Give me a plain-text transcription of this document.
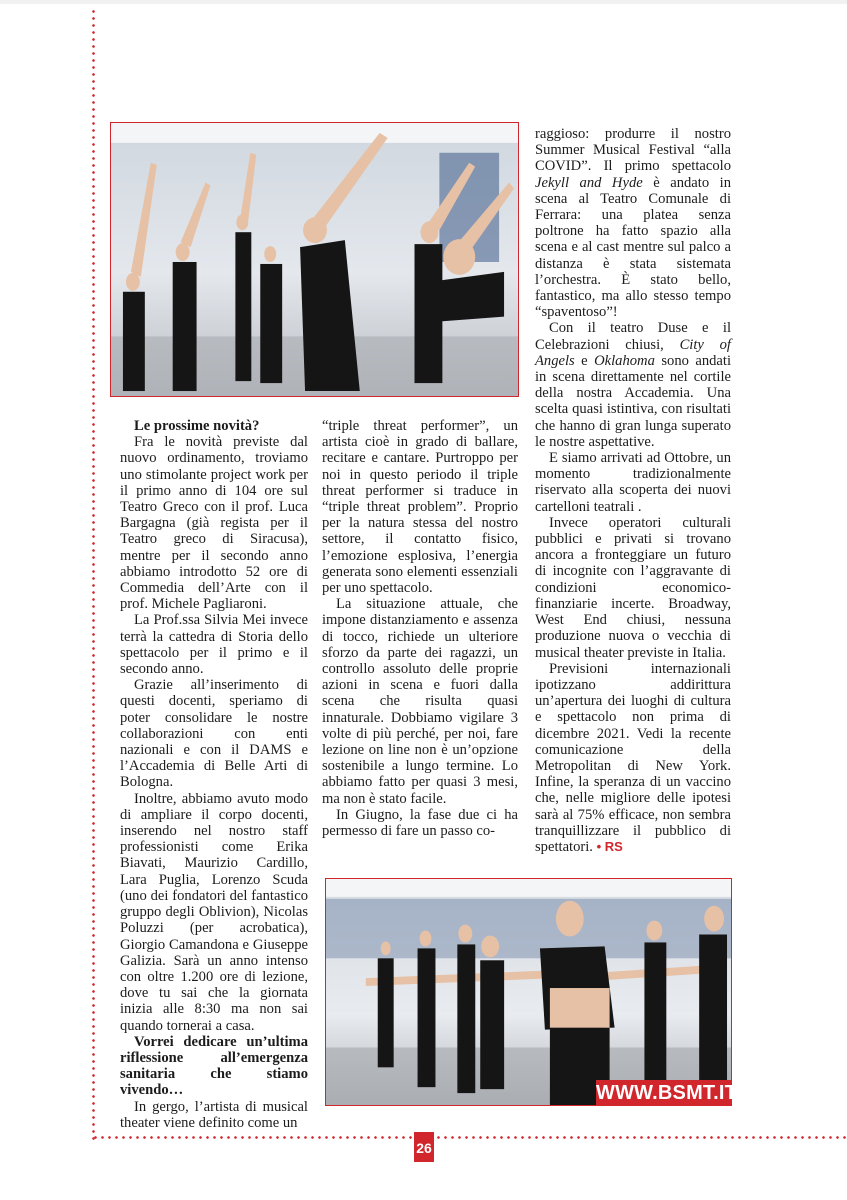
26

Le prossime novità?

Fra le novità previste dal nuovo ordinamento, troviamo uno stimolante project work per il primo anno di 104 ore sul Teatro Greco con il prof. Luca Bargagna (già regista per il Teatro greco di Siracusa), mentre per il secondo anno abbiamo introdotto 52 ore di Commedia dell’Arte con il prof. Michele Pagliaroni.

La Prof.ssa Silvia Mei invece terrà la cattedra di Storia dello spettacolo per il primo e il secondo anno.

Grazie all’inserimento di questi docenti, speriamo di poter consolidare le nostre collaborazioni con enti nazionali e con il DAMS e l’Accademia di Belle Arti di Bologna.

Inoltre, abbiamo avuto modo di ampliare il corpo docenti, inserendo nel nostro staff professionisti come Erika Biavati, Maurizio Cardillo, Lara Puglia, Lorenzo Scuda (uno dei fondatori del fantastico gruppo degli Oblivion), Nicolas Poluzzi (per acrobatica), Giorgio Camandona e Giuseppe Galizia. Sarà un anno intenso con oltre 1.200 ore di lezione, dove tu sai che la giornata inizia alle 8:30 ma non sai quando tornerai a casa.

Vorrei dedicare un’ultima riflessione all’emergenza sanitaria che stiamo vivendo…

In gergo, l’artista di musical theater viene definito come un

“triple threat performer”, un artista cioè in grado di ballare, recitare e cantare. Purtroppo per noi in questo periodo il triple threat performer si traduce in “triple threat problem”. Proprio per la natura stessa del nostro settore, il contatto fisico, l’emozione esplosiva, l’energia generata sono elementi essenziali per uno spettacolo.

La situazione attuale, che impone distanziamento e assenza di tocco, richiede un ulteriore sforzo da parte dei ragazzi, un controllo assoluto delle proprie azioni in scena e fuori dalla scena che risulta quasi innaturale. Dobbiamo vigilare 3 volte di più perché, per noi, fare lezione on line non è un’opzione sostenibile a lungo termine. Lo abbiamo fatto per quasi 3 mesi, ma non è stato facile.

In Giugno, la fase due ci ha permesso di fare un passo co-

raggioso: produrre il nostro Summer Musical Festival “alla COVID”. Il primo spettacolo Jekyll and Hyde è andato in scena al Teatro Comunale di Ferrara: una platea senza poltrone ha fatto spazio alla scena e al cast mentre sul palco a distanza è stata sistemata l’orchestra. È stato bello, fantastico, ma allo stesso tempo “spaventoso”!

Con il teatro Duse e il Celebrazioni chiusi, City of Angels e Oklahoma sono andati in scena direttamente nel cortile della nostra Accademia. Una scelta quasi istintiva, con risultati che hanno di gran lunga superato le nostre aspettative.

E siamo arrivati ad Ottobre, un momento tradizionalmente riservato alla scoperta dei nuovi cartelloni teatrali .

Invece operatori culturali pubblici e privati si trovano ancora a fronteggiare un futuro di incognite con l’aggravante di condizioni economico-finanziarie incerte. Broadway, West End chiusi, nessuna produzione nuova o vecchia di musical theater previste in Italia.

Previsioni internazionali ipotizzano addirittura un’apertura dei luoghi di cultura e spettacolo non prima di dicembre 2021. Vedi la recente comunicazione della Metropolitan di New York. Infine, la speranza di un vaccino che, nelle migliore delle ipotesi sarà al 75% efficace, non sembra tranquillizzare il pubblico di spettatori. • RS

WWW.BSMT.IT
